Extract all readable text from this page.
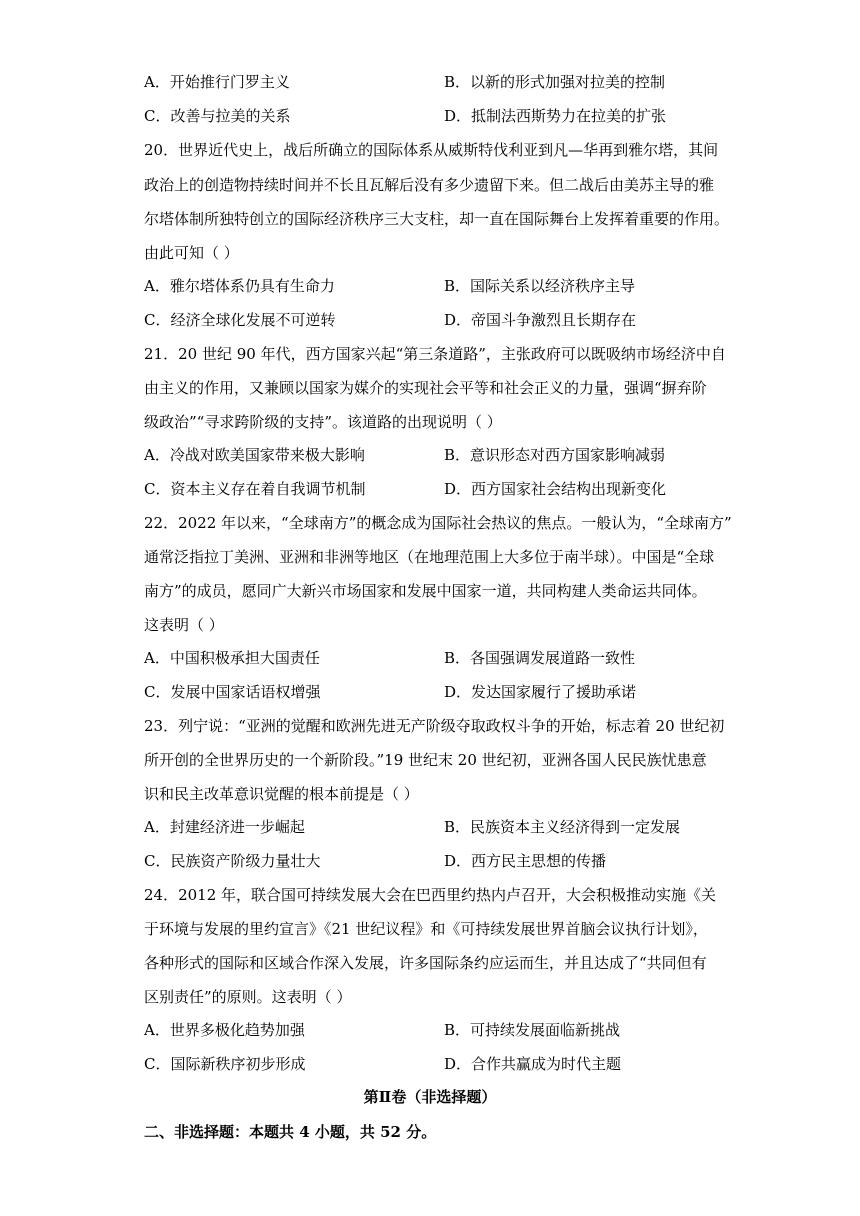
A．开始推行门罗主义	B．以新的形式加强对拉美的控制
C．改善与拉美的关系	D．抵制法西斯势力在拉美的扩张
20．世界近代史上，战后所确立的国际体系从威斯特伐利亚到凡—华再到雅尔塔，其间
政治上的创造物持续时间并不长且瓦解后没有多少遗留下来。但二战后由美苏主导的雅
尔塔体制所独特创立的国际经济秩序三大支柱，却一直在国际舞台上发挥着重要的作用。
由此可知（ ）
A．雅尔塔体系仍具有生命力	B．国际关系以经济秩序主导
C．经济全球化发展不可逆转	D．帝国斗争激烈且长期存在
21．20 世纪 90 年代，西方国家兴起“第三条道路”，主张政府可以既吸纳市场经济中自
由主义的作用，又兼顾以国家为媒介的实现社会平等和社会正义的力量，强调“摒弃阶
级政治”“寻求跨阶级的支持”。该道路的出现说明（ ）
A．冷战对欧美国家带来极大影响	B．意识形态对西方国家影响减弱
C．资本主义存在着自我调节机制	D．西方国家社会结构出现新变化
22．2022 年以来，“全球南方”的概念成为国际社会热议的焦点。一般认为，“全球南方”
通常泛指拉丁美洲、亚洲和非洲等地区（在地理范围上大多位于南半球）。中国是“全球
南方”的成员，愿同广大新兴市场国家和发展中国家一道，共同构建人类命运共同体。
这表明（ ）
A．中国积极承担大国责任	B．各国强调发展道路一致性
C．发展中国家话语权增强	D．发达国家履行了援助承诺
23．列宁说：“亚洲的觉醒和欧洲先进无产阶级夺取政权斗争的开始，标志着 20 世纪初
所开创的全世界历史的一个新阶段。”19 世纪末 20 世纪初，亚洲各国人民民族忧患意
识和民主改革意识觉醒的根本前提是（ ）
A．封建经济进一步崛起	B．民族资本主义经济得到一定发展
C．民族资产阶级力量壮大	D．西方民主思想的传播
24．2012 年，联合国可持续发展大会在巴西里约热内卢召开，大会积极推动实施《关
于环境与发展的里约宣言》《21 世纪议程》和《可持续发展世界首脑会议执行计划》，
各种形式的国际和区域合作深入发展，许多国际条约应运而生，并且达成了“共同但有
区别责任”的原则。这表明（ ）
A．世界多极化趋势加强	B．可持续发展面临新挑战
C．国际新秩序初步形成	D．合作共赢成为时代主题
第Ⅱ卷（非选择题）
二、非选择题：本题共 4 小题，共 52 分。
